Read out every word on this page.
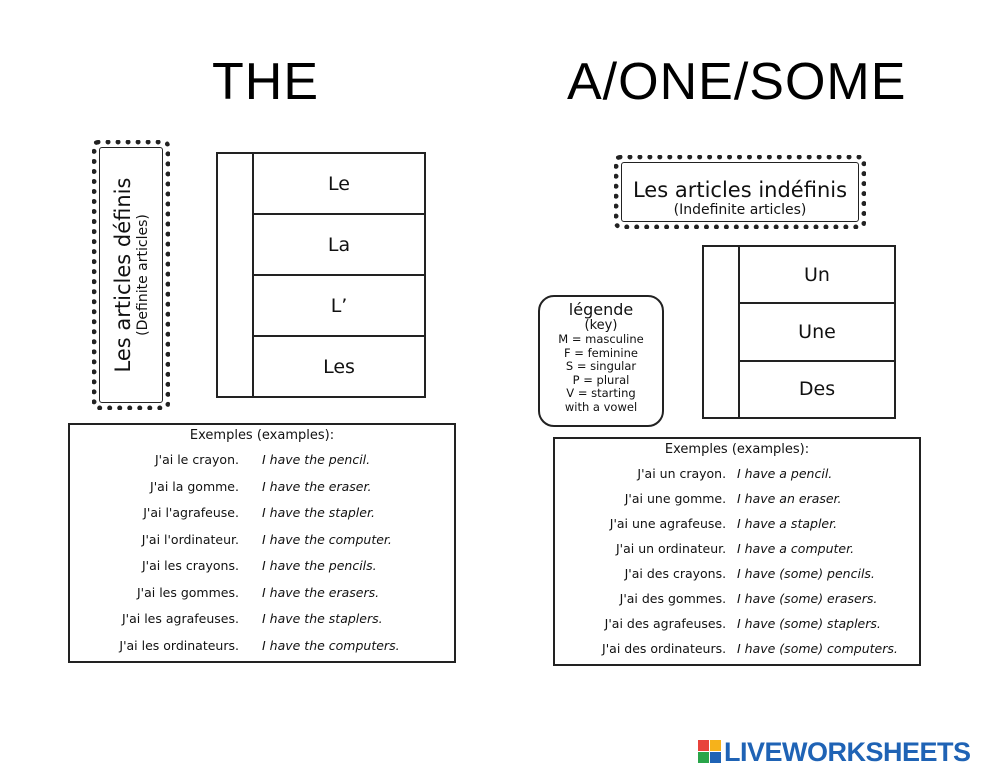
THE	A/ONE/SOME
Les articles définis (Definite articles)
Le
La
L’
Les
Exemples (examples):
J'ai le crayon. I have the pencil.
J'ai la gomme. I have the eraser.
J'ai l'agrafeuse. I have the stapler.
J'ai l'ordinateur. I have the computer.
J'ai les crayons. I have the pencils.
J'ai les gommes. I have the erasers.
J'ai les agrafeuses. I have the staplers.
J'ai les ordinateurs. I have the computers.
Les articles indéfinis
(Indefinite articles)
légende
(key)
M = masculine
F = feminine
S = singular
P = plural
V = starting
with a vowel
Un
Une
Des
Exemples (examples):
J'ai un crayon. I have a pencil.
J'ai une gomme. I have an eraser.
J'ai une agrafeuse. I have a stapler.
J'ai un ordinateur. I have a computer.
J'ai des crayons. I have (some) pencils.
J'ai des gommes. I have (some) erasers.
J'ai des agrafeuses. I have (some) staplers.
J'ai des ordinateurs. I have (some) computers.
LIVEWORKSHEETS
